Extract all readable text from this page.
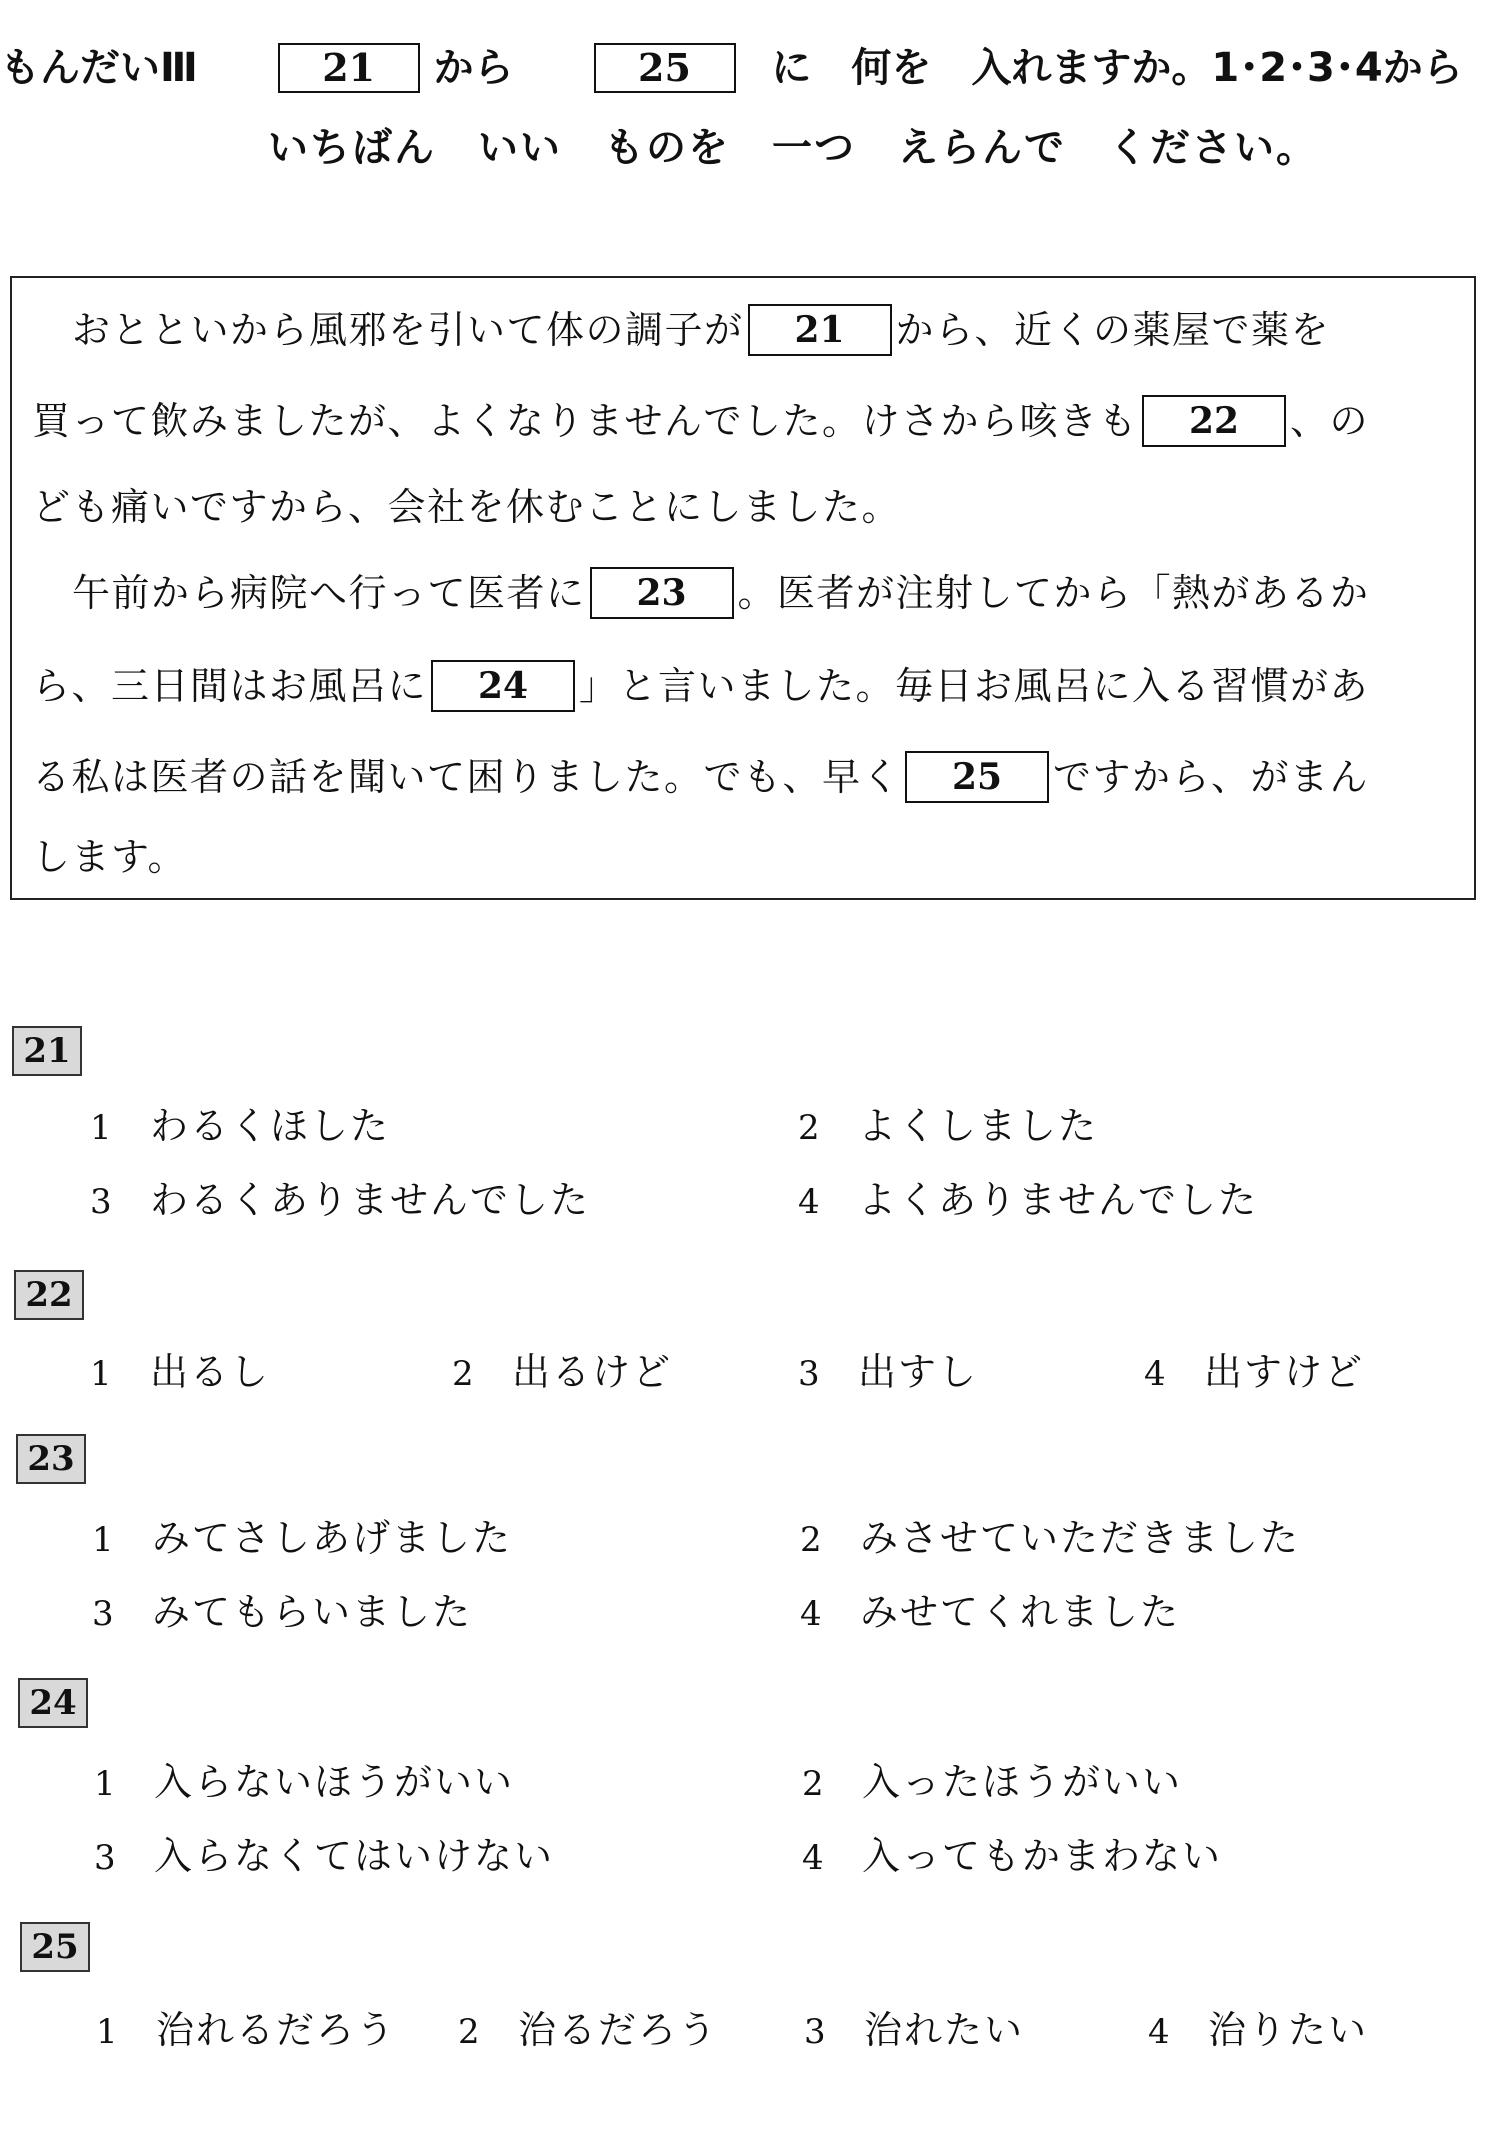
もんだいⅢ	21 から	25 に　何を　入れますか。1･2･3･4から
いちばん　いい　ものを　一つ　えらんで　ください。
おとといから風邪を引いて体の調子が 21 から、近くの薬屋で薬を
買って飲みましたが、よくなりませんでした。けさから咳きも 22 、の
ども痛いですから、会社を休むことにしました。
午前から病院へ行って医者に 23 。医者が注射してから「熱があるか
ら、三日間はお風呂に 24 」と言いました。毎日お風呂に入る習慣があ
る私は医者の話を聞いて困りました。でも、早く 25 ですから、がまん
します。
21
1 わるくほした	2 よくしました
3 わるくありませんでした	4 よくありませんでした
22
1 出るし	2 出るけど	3 出すし	4 出すけど
23
1 みてさしあげました	2 みさせていただきました
3 みてもらいました	4 みせてくれました
24
1 入らないほうがいい	2 入ったほうがいい
3 入らなくてはいけない	4 入ってもかまわない
25
1 治れるだろう 2 治るだろう	3 治れたい	4 治りたい
